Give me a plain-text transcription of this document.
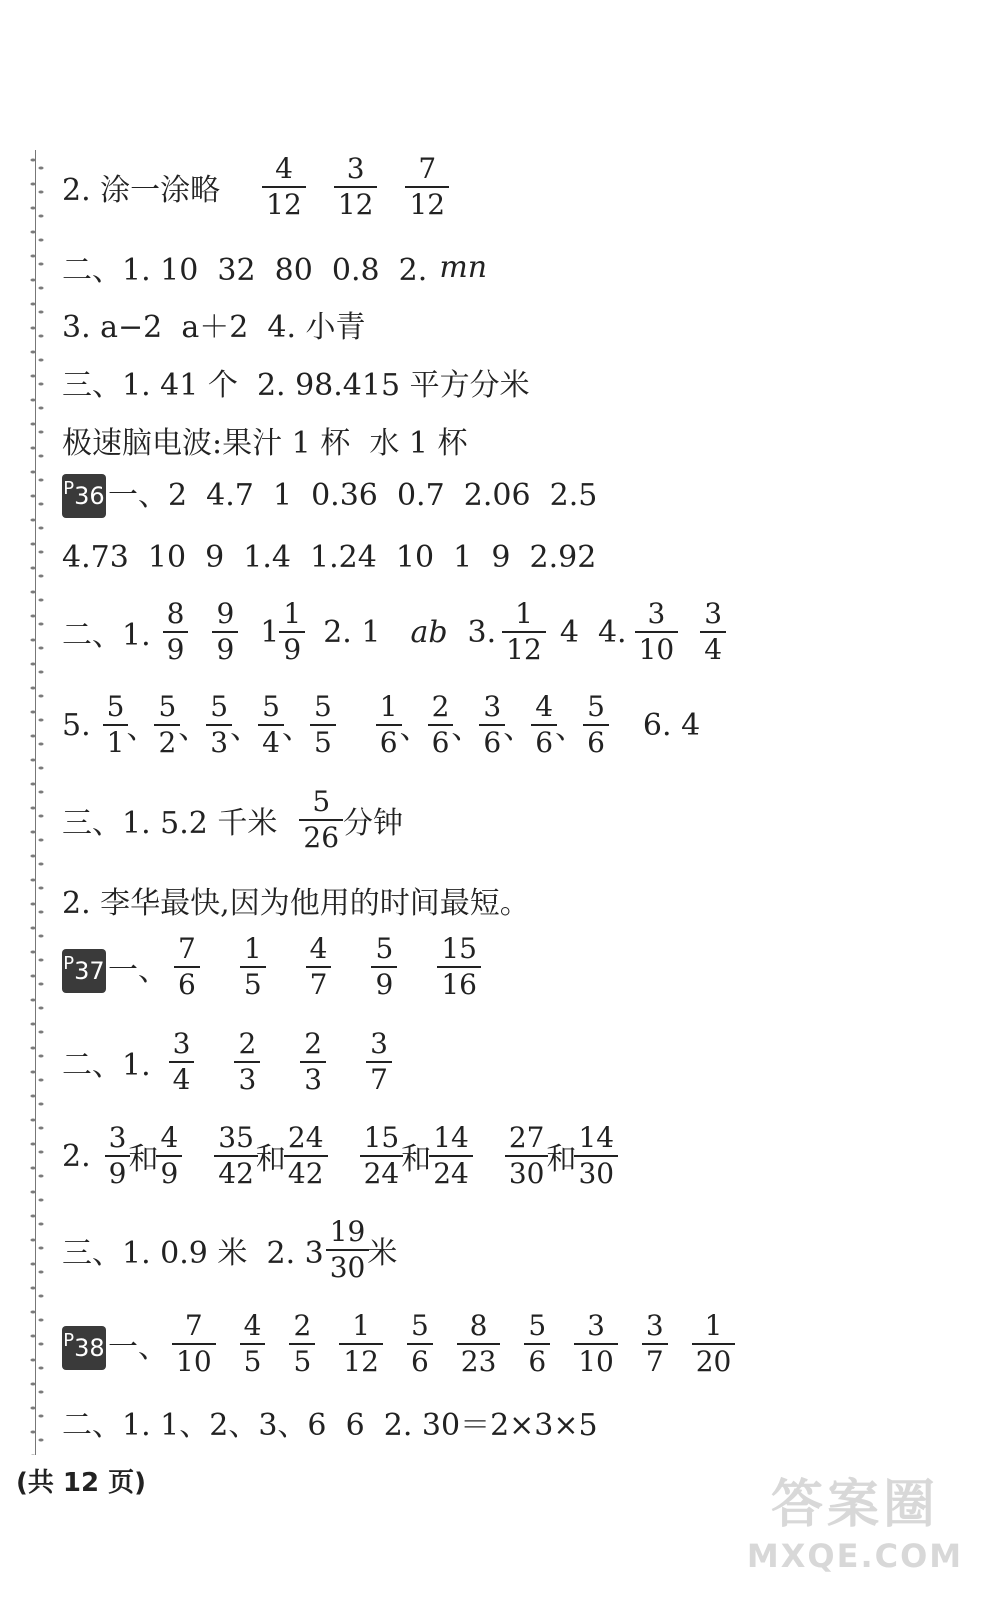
2. 涂一涂略 $\frac{4}{12} \frac{3}{12} \frac{7}{12}$
二、1. 10  32  80  0.8  2. mn
3. a−2  a＋2  4. 小青
三、1. 41 个  2. 98.415 平方分米
极速脑电波:果汁 1 杯  水 1 杯
P 36 一、2  4.7  1  0.36  0.7  2.06  2.5
4.73  10  9  1.4  1.24  10  1  9  2.92
二、1. $\frac{8}{9} \frac{9}{9} 1 \frac{1}{9} 2$. 1 ab 3. $\frac{1}{12} 4$  4. $\frac{3}{10} \frac{3}{4}$
5. $\frac{5}{1}$ 、 $\frac{5}{2}$ 、 $\frac{5}{3}$ 、 $\frac{5}{4}$ 、 $\frac{5}{5} \frac{1}{6}$ 、 $\frac{2}{6}$ 、 $\frac{3}{6}$ 、 $\frac{4}{6}$ 、 $\frac{5}{6} 6$. 4
三、1. 5.2 千米 $\frac{5}{26}$ 分钟
2. 李华最快,因为他用的时间最短。
P 37 一、 $\frac{7}{6} \frac{1}{5} \frac{4}{7} \frac{5}{9} \frac{15}{16}$
二、1. $\frac{3}{4} \frac{2}{3} \frac{2}{3} \frac{3}{7}$
2. $\frac{3}{9}$ 和 $\frac{4}{9} \frac{35}{42}$ 和 $\frac{24}{42} \frac{15}{24}$ 和 $\frac{14}{24} \frac{27}{30}$ 和 $\frac{14}{30}$
三、1. 0.9 米  2. $3 \frac{19}{30}$ 米
P 38 一、 $\frac{7}{10} \frac{4}{5} \frac{2}{5} \frac{1}{12} \frac{5}{6} \frac{8}{23} \frac{5}{6} \frac{3}{10} \frac{3}{7} \frac{1}{20}$
二、1. 1、2、3、6  6  2. 30＝2×3×5
(共 12 页)	答案圈
MXQE.COM
